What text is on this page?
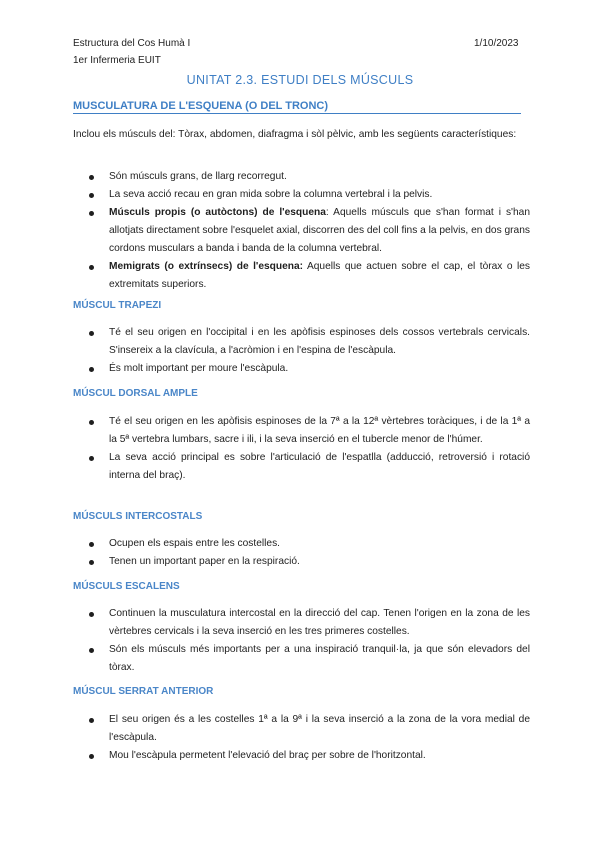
Estructura del Cos Humà I
1er Infermeria EUIT
1/10/2023
UNITAT 2.3. ESTUDI DELS MÚSCULS
MUSCULATURA DE L'ESQUENA (O DEL TRONC)
Inclou els músculs del: Tòrax, abdomen, diafragma i sòl pèlvic, amb les següents característiques:
Són músculs grans, de llarg recorregut.
La seva acció recau en gran mida sobre la columna vertebral i la pelvis.
Músculs propis (o autòctons) de l'esquena: Aquells músculs que s'han format i s'han allotjats directament sobre l'esquelet axial, discorren des del coll fins a la pelvis, en dos grans cordons musculars a banda i banda de la columna vertebral.
Memigrats (o extrínsecs) de l'esquena: Aquells que actuen sobre el cap, el tòrax o les extremitats superiors.
MÚSCUL TRAPEZI
Té el seu origen en l'occipital i en les apòfisis espinoses dels cossos vertebrals cervicals. S'insereix a la clavícula, a l'acròmion i en l'espina de l'escàpula.
És molt important per moure l'escàpula.
MÚSCUL DORSAL AMPLE
Té el seu origen en les apòfisis espinoses de la 7ª a la 12ª vèrtebres toràciques, i de la 1ª a la 5ª vertebra lumbars, sacre i ili, i la seva inserció en el tubercle menor de l'húmer.
La seva acció principal es sobre l'articulació de l'espatlla (adducció, retroversió i rotació interna del braç).
MÚSCULS INTERCOSTALS
Ocupen els espais entre les costelles.
Tenen un important paper en la respiració.
MÚSCULS ESCALENS
Continuen la musculatura intercostal en la direcció del cap. Tenen l'origen en la zona de les vèrtebres cervicals i la seva inserció en les tres primeres costelles.
Són els músculs més importants per a una inspiració tranquil·la, ja que són elevadors del tòrax.
MÚSCUL SERRAT ANTERIOR
El seu origen és a les costelles 1ª a la 9ª i la seva inserció a la zona de la vora medial de l'escàpula.
Mou l'escàpula permetent l'elevació del braç per sobre de l'horitzontal.
